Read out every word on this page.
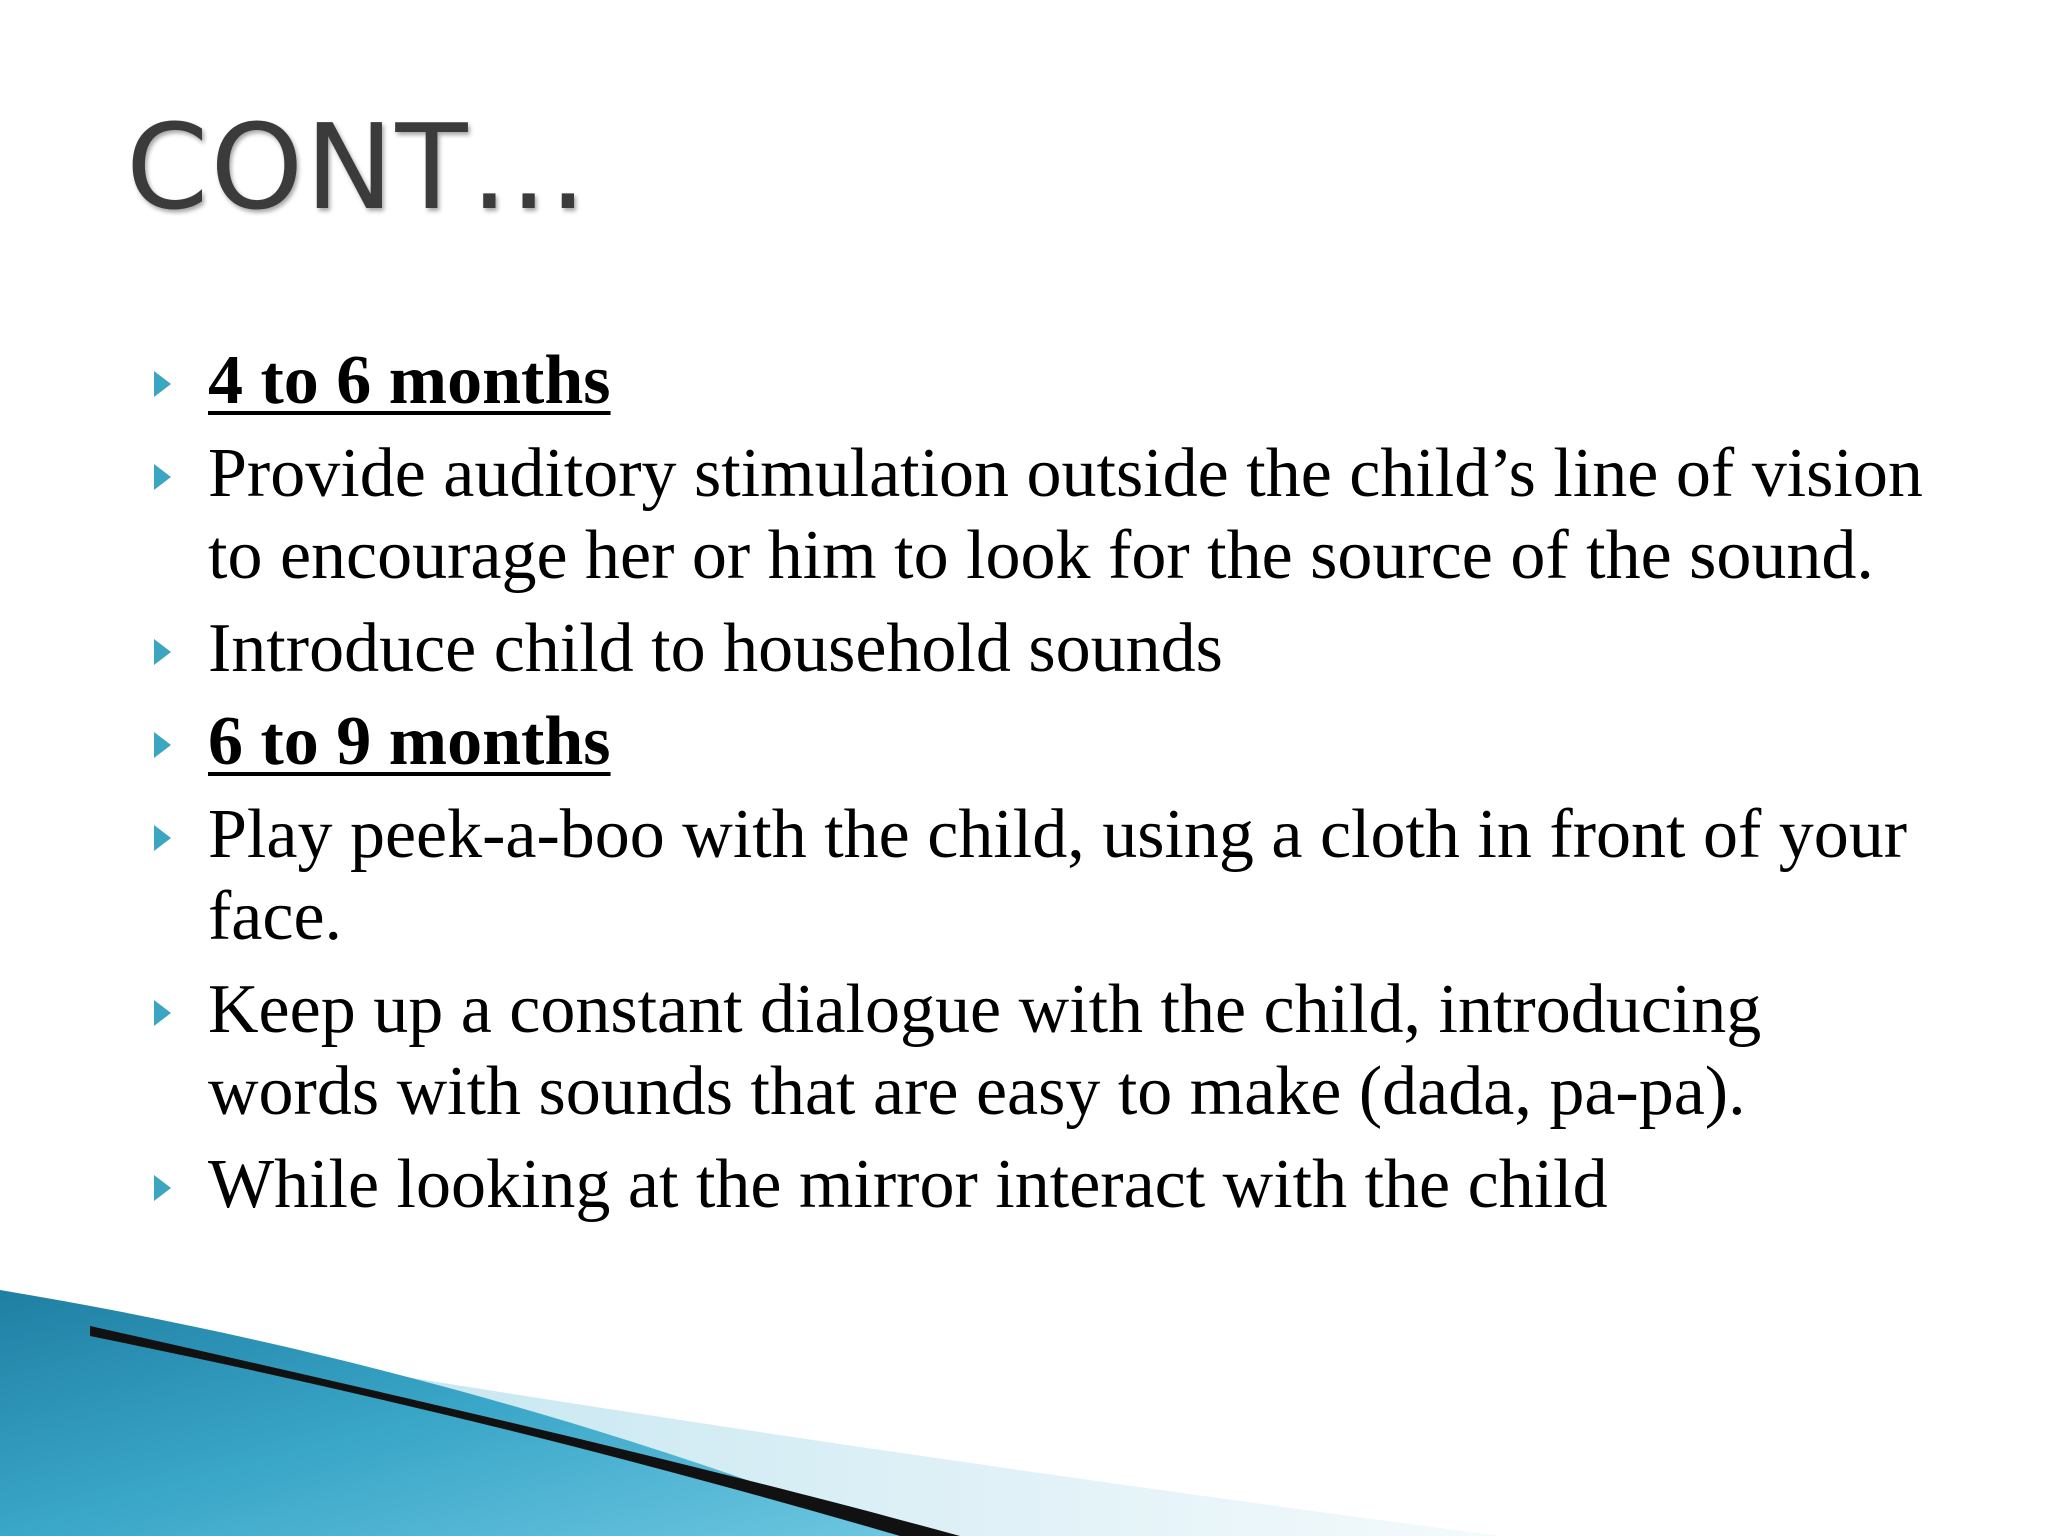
CONT…
4 to 6 months
Provide auditory stimulation outside the child’s line of vision to encourage her or him to look for the source of the sound.
Introduce child to household sounds
6 to 9 months
Play peek-a-boo with the child, using a cloth in front of your face.
Keep up a constant dialogue with the child, introducing words with sounds that are easy to make (dada, pa-pa).
While looking at the mirror interact with the child
